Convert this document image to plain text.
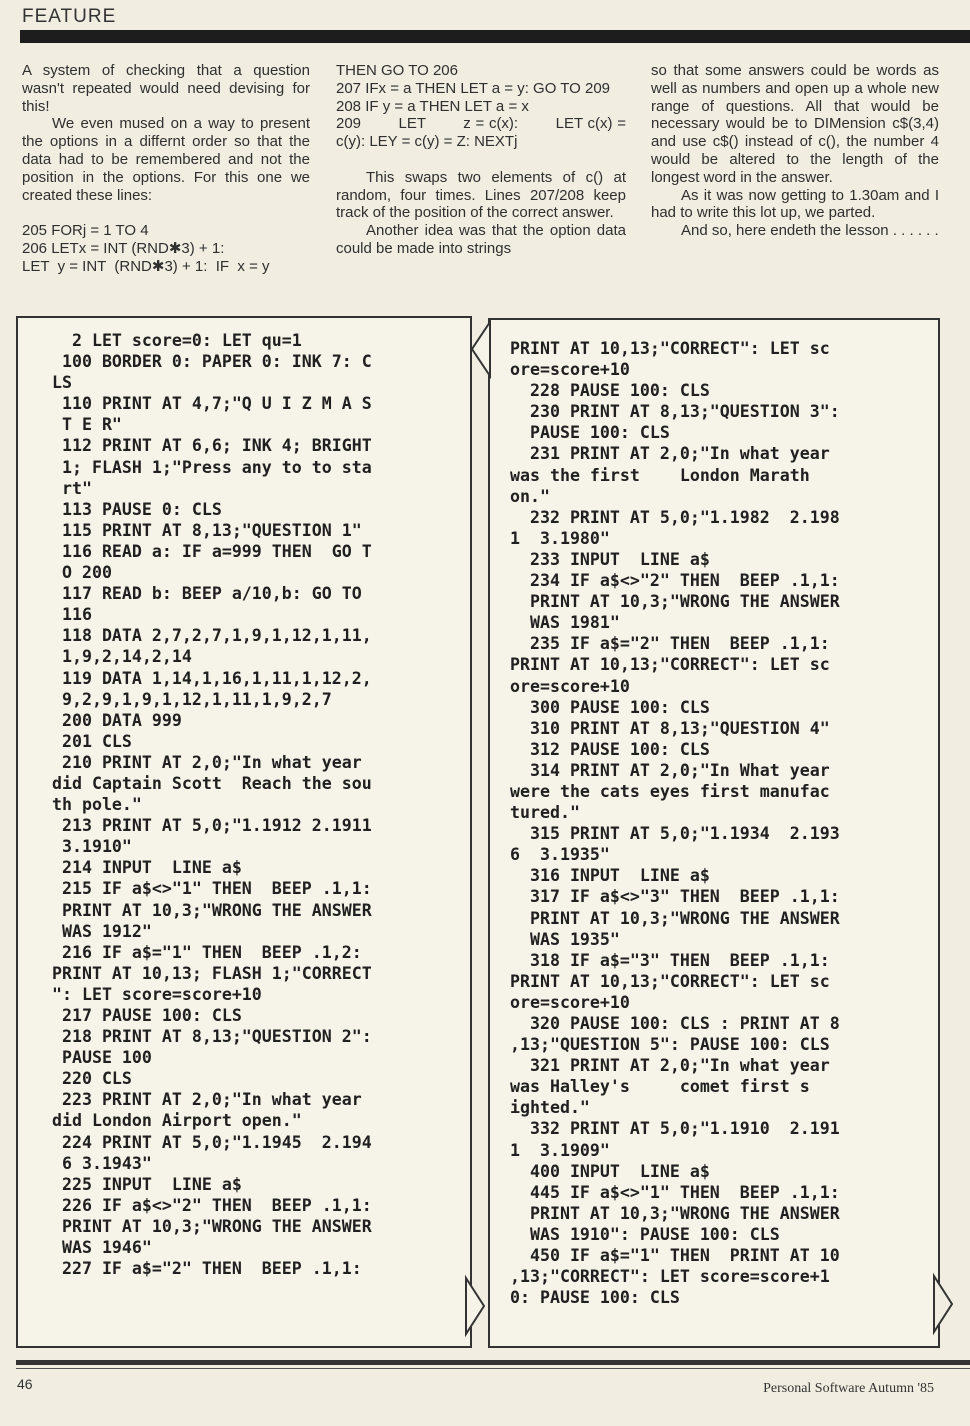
FEATURE

A system of checking that a question wasn't repeated would need devising for this!

We even mused on a way to present the options in a differnt order so that the data had to be remembered and not the position in the options. For this one we created these lines:

205 FORj = 1 TO 4
206 LETx = INT (RND✱3) + 1:
LET  y = INT  (RND✱3) + 1:  IF  x = y

THEN GO TO 206
207 IFx = a THEN LET a = y: GO TO 209
208 IF y = a THEN LET a = x
209        LET        z = c(x):        LET c(x) = c(y): LEY = c(y) = Z: NEXTj

This swaps two elements of c() at random, four times. Lines 207/208 keep track of the position of the correct answer.

Another idea was that the option data could be made into strings

so that some answers could be words as well as numbers and open up a whole new range of questions. All that would be necessary would be to DIMension c$(3,4) and use c$() instead of c(), the number 4 would be altered to the length of the longest word in the answer.

As it was now getting to 1.30am and I had to write this lot up, we parted.

And so, here endeth the lesson . . . . . .

2 LET score=0: LET qu=1
100 BORDER 0: PAPER 0: INK 7: C
LS
110 PRINT AT 4,7;"Q U I Z M A S
T E R"
112 PRINT AT 6,6; INK 4; BRIGHT
1; FLASH 1;"Press any to to sta
rt"
113 PAUSE 0: CLS
115 PRINT AT 8,13;"QUESTION 1"
116 READ a: IF a=999 THEN  GO T
O 200
117 READ b: BEEP a/10,b: GO TO
116
118 DATA 2,7,2,7,1,9,1,12,1,11,
1,9,2,14,2,14
119 DATA 1,14,1,16,1,11,1,12,2,
9,2,9,1,9,1,12,1,11,1,9,2,7
200 DATA 999
201 CLS
210 PRINT AT 2,0;"In what year
did Captain Scott  Reach the sou
th pole."
213 PRINT AT 5,0;"1.1912 2.1911
3.1910"
214 INPUT  LINE a$
215 IF a$<>"1" THEN  BEEP .1,1:
PRINT AT 10,3;"WRONG THE ANSWER
WAS 1912"
216 IF a$="1" THEN  BEEP .1,2:
PRINT AT 10,13; FLASH 1;"CORRECT
": LET score=score+10
217 PAUSE 100: CLS
218 PRINT AT 8,13;"QUESTION 2":
PAUSE 100
220 CLS
223 PRINT AT 2,0;"In what year
did London Airport open."
224 PRINT AT 5,0;"1.1945  2.194
6 3.1943"
225 INPUT  LINE a$
226 IF a$<>"2" THEN  BEEP .1,1:
PRINT AT 10,3;"WRONG THE ANSWER
WAS 1946"
227 IF a$="2" THEN  BEEP .1,1:
PRINT AT 10,13;"CORRECT": LET sc
ore=score+10
228 PAUSE 100: CLS
230 PRINT AT 8,13;"QUESTION 3":
PAUSE 100: CLS
231 PRINT AT 2,0;"In what year
was the first    London Marath
on."
232 PRINT AT 5,0;"1.1982  2.198
1  3.1980"
233 INPUT  LINE a$
234 IF a$<>"2" THEN  BEEP .1,1:
PRINT AT 10,3;"WRONG THE ANSWER
WAS 1981"
235 IF a$="2" THEN  BEEP .1,1:
PRINT AT 10,13;"CORRECT": LET sc
ore=score+10
300 PAUSE 100: CLS
310 PRINT AT 8,13;"QUESTION 4"
312 PAUSE 100: CLS
314 PRINT AT 2,0;"In What year
were the cats eyes first manufac
tured."
315 PRINT AT 5,0;"1.1934  2.193
6  3.1935"
316 INPUT  LINE a$
317 IF a$<>"3" THEN  BEEP .1,1:
PRINT AT 10,3;"WRONG THE ANSWER
WAS 1935"
318 IF a$="3" THEN  BEEP .1,1:
PRINT AT 10,13;"CORRECT": LET sc
ore=score+10
320 PAUSE 100: CLS : PRINT AT 8
,13;"QUESTION 5": PAUSE 100: CLS
321 PRINT AT 2,0;"In what year
was Halley's     comet first s
ighted."
332 PRINT AT 5,0;"1.1910  2.191
1  3.1909"
400 INPUT  LINE a$
445 IF a$<>"1" THEN  BEEP .1,1:
PRINT AT 10,3;"WRONG THE ANSWER
WAS 1910": PAUSE 100: CLS
450 IF a$="1" THEN  PRINT AT 10
,13;"CORRECT": LET score=score+1
0: PAUSE 100: CLS
46	Personal Software Autumn '85
